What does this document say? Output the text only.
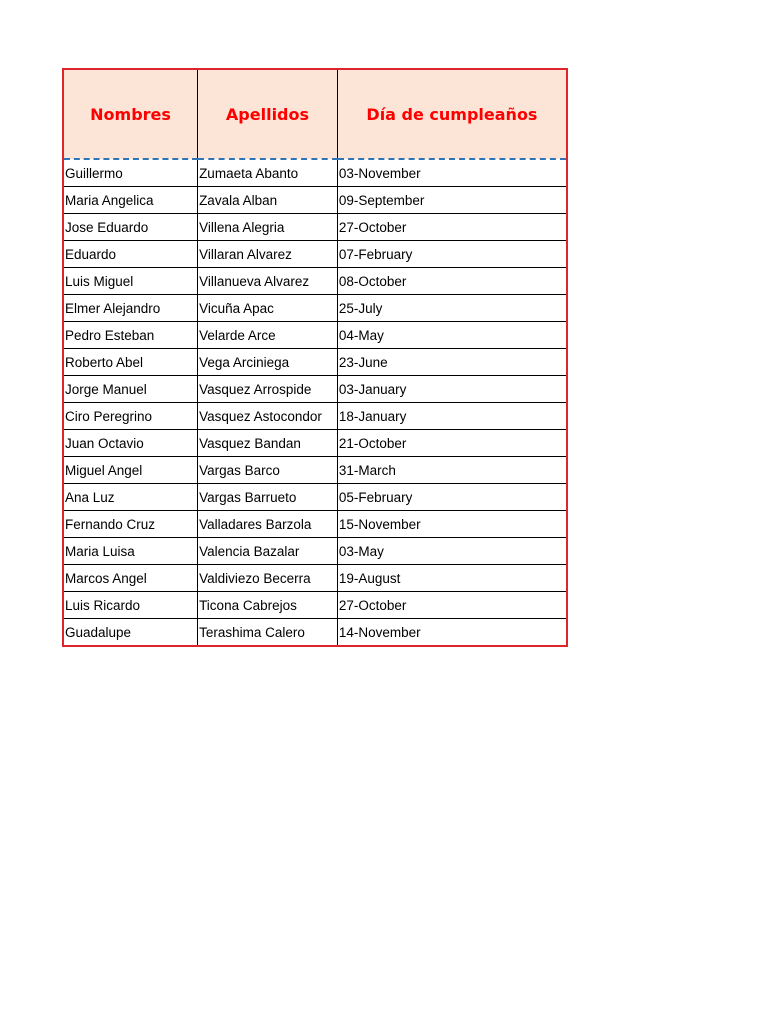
Nombres	Apellidos	Día de cumpleaños
Guillermo	Zumaeta Abanto	03-November
Maria Angelica	Zavala Alban	09-September
Jose Eduardo	Villena Alegria	27-October
Eduardo	Villaran Alvarez	07-February
Luis Miguel	Villanueva Alvarez	08-October
Elmer Alejandro	Vicuña Apac	25-July
Pedro Esteban	Velarde Arce	04-May
Roberto Abel	Vega Arciniega	23-June
Jorge Manuel	Vasquez Arrospide	03-January
Ciro Peregrino	Vasquez Astocondor	18-January
Juan Octavio	Vasquez Bandan	21-October
Miguel Angel	Vargas Barco	31-March
Ana Luz	Vargas Barrueto	05-February
Fernando Cruz	Valladares Barzola	15-November
Maria Luisa	Valencia Bazalar	03-May
Marcos Angel	Valdiviezo Becerra	19-August
Luis Ricardo	Ticona Cabrejos	27-October
Guadalupe	Terashima Calero	14-November
